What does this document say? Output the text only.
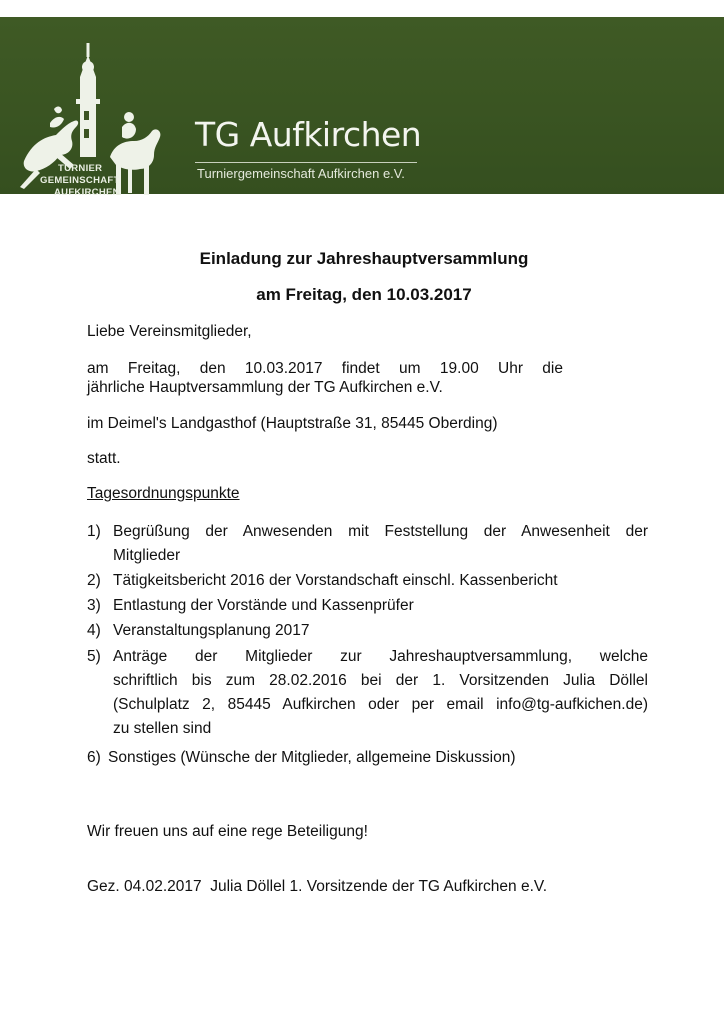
TURNIER
GEMEINSCHAFT
AUFKIRCHEN
TG Aufkirchen
Turniergemeinschaft Aufkirchen e.V.
Einladung zur Jahreshauptversammlung
am Freitag, den 10.03.2017
Liebe Vereinsmitglieder,
am Freitag, den 10.03.2017 findet um 19.00 Uhr die
jährliche Hauptversammlung der TG Aufkirchen e.V.
im Deimel's Landgasthof (Hauptstraße 31, 85445 Oberding)
statt.
Tagesordnungspunkte
1) Begrüßung der Anwesenden mit Feststellung der Anwesenheit der
Mitglieder
2) Tätigkeitsbericht 2016 der Vorstandschaft einschl. Kassenbericht
3) Entlastung der Vorstände und Kassenprüfer
4) Veranstaltungsplanung 2017
5) Anträge der Mitglieder zur Jahreshauptversammlung, welche
schriftlich bis zum 28.02.2016 bei der 1. Vorsitzenden Julia Döllel
(Schulplatz 2, 85445 Aufkirchen oder per email info@tg-aufkichen.de)
zu stellen sind
6) Sonstiges (Wünsche der Mitglieder, allgemeine Diskussion)
Wir freuen uns auf eine rege Beteiligung!
Gez. 04.02.2017  Julia Döllel 1. Vorsitzende der TG Aufkirchen e.V.
